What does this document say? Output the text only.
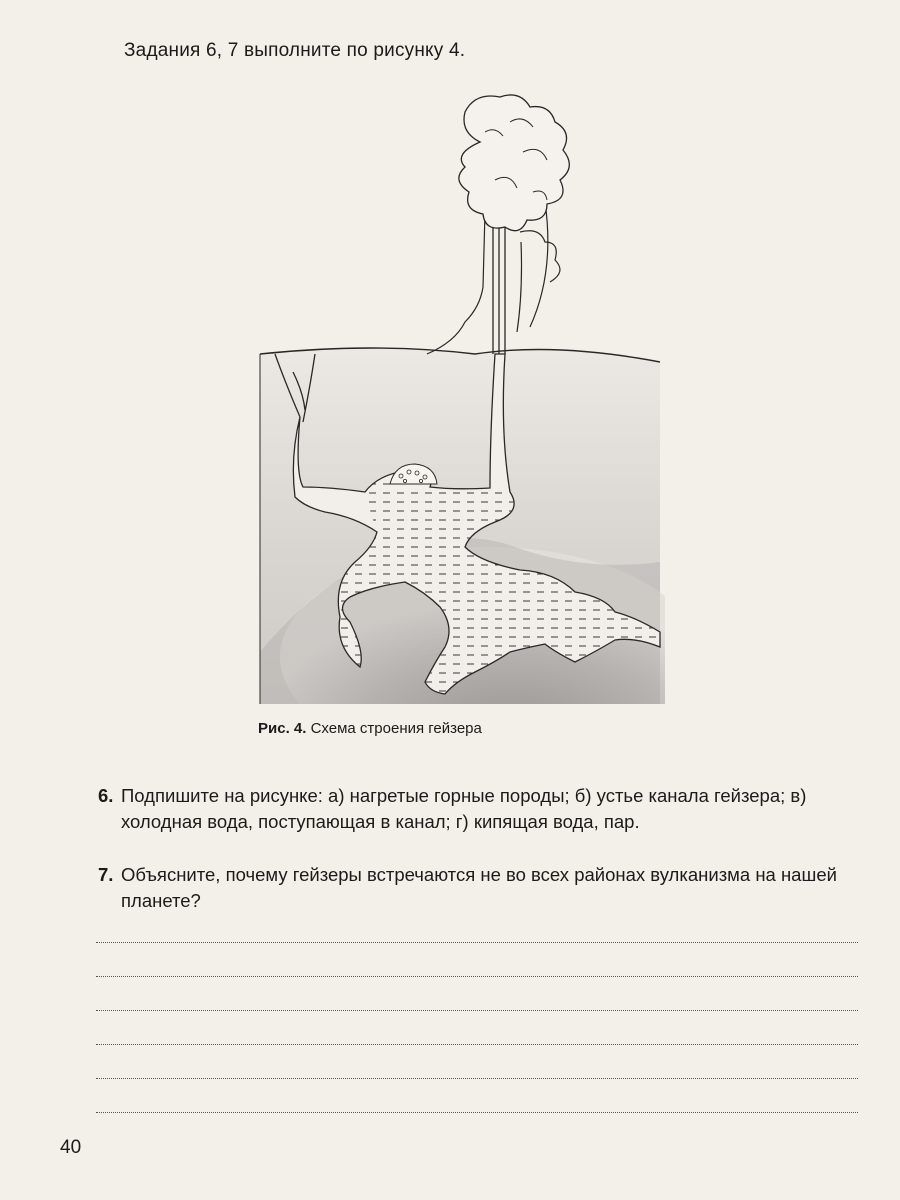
Задания 6, 7 выполните по рисунку 4.
Рис. 4. Схема строения гейзера
6. Подпишите на рисунке: а) нагретые горные породы; б) устье канала гейзера; в) холодная вода, поступающая в канал; г) кипящая вода, пар.
7. Объясните, почему гейзеры встречаются не во всех районах вулканизма на нашей планете?
40
